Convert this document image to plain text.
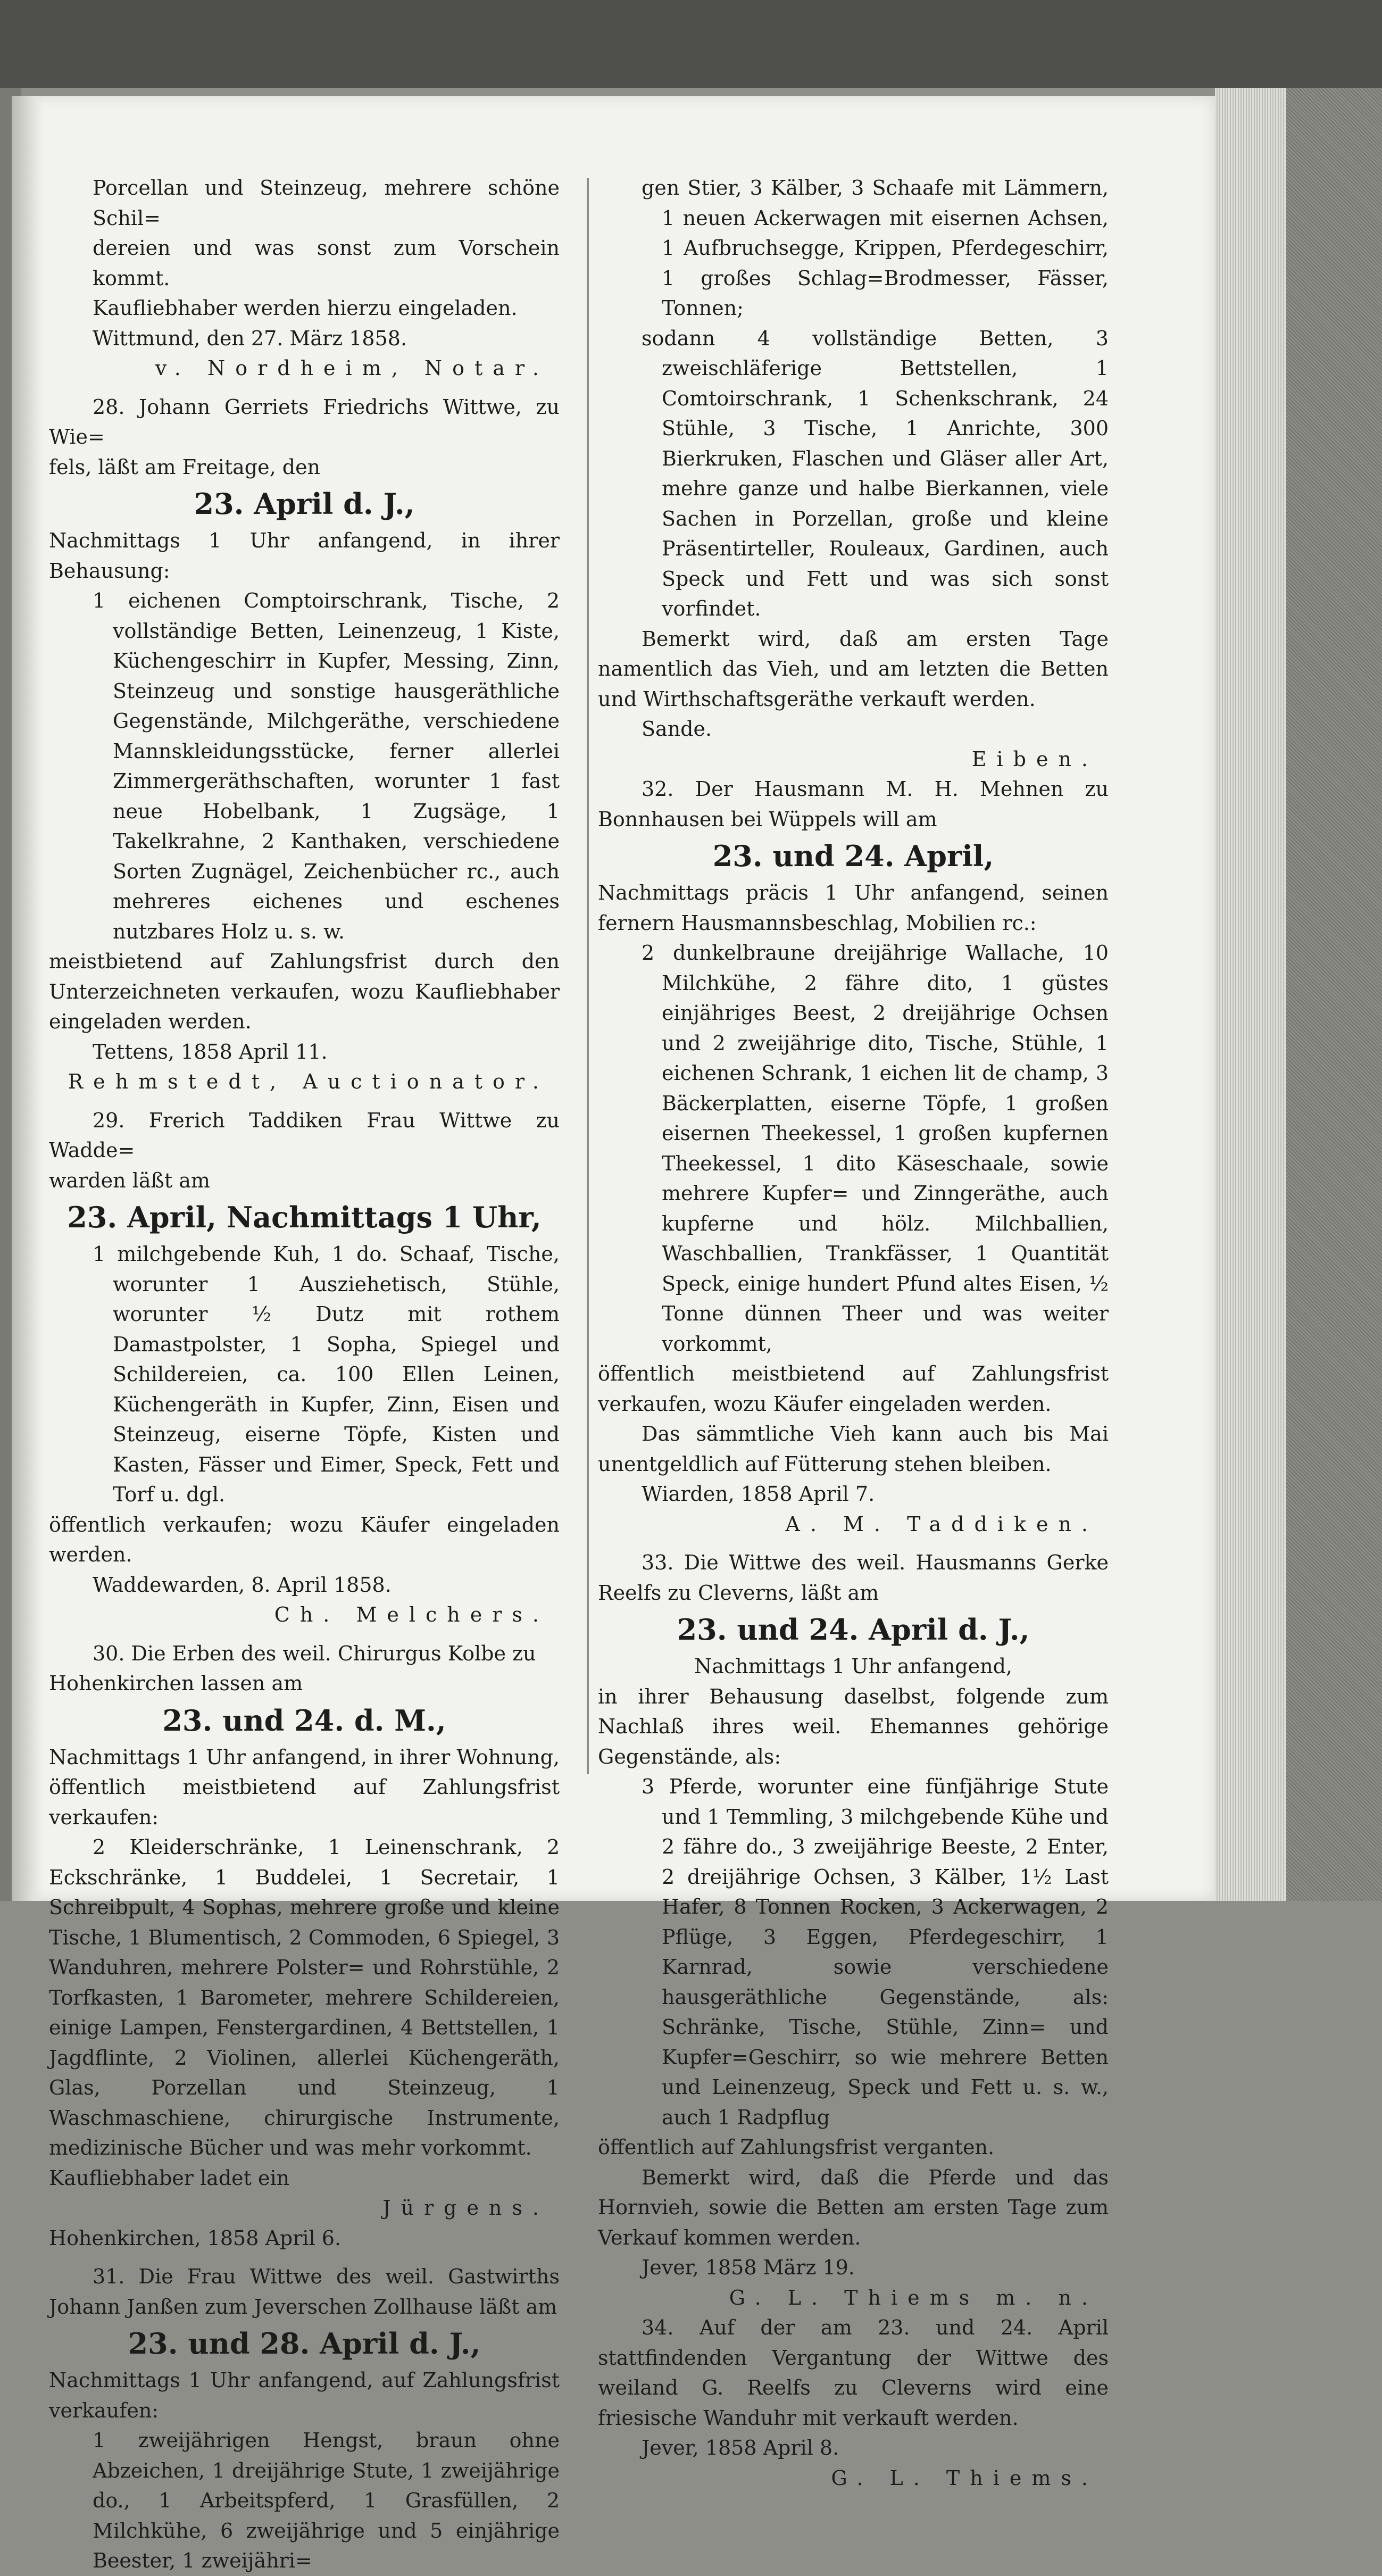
Porcellan und Steinzeug, mehrere schöne Schil=

dereien und was sonst zum Vorschein kommt.

Kaufliebhaber werden hierzu eingeladen.

Wittmund, den 27. März 1858.

v. Nordheim, Notar.

28. Johann Gerriets Friedrichs Wittwe, zu Wie=

fels, läßt am Freitage, den

23. April d. J.,

Nachmittags 1 Uhr anfangend, in ihrer Behausung:

1 eichenen Comptoirschrank, Tische, 2 vollständige Betten, Leinenzeug, 1 Kiste, Küchengeschirr in Kupfer, Messing, Zinn, Steinzeug und sonstige hausgeräthliche Gegenstände, Milchgeräthe, verschiedene Mannskleidungsstücke, ferner allerlei Zimmergeräthschaften, worunter 1 fast neue Hobelbank, 1 Zugsäge, 1 Takelkrahne, 2 Kanthaken, verschiedene Sorten Zugnägel, Zeichenbücher rc., auch mehreres eichenes und eschenes nutzbares Holz u. s. w.

meistbietend auf Zahlungsfrist durch den Unterzeichneten verkaufen, wozu Kaufliebhaber eingeladen werden.

Tettens, 1858 April 11.

Rehmstedt, Auctionator.

29. Frerich Taddiken Frau Wittwe zu Wadde=

warden läßt am

23. April, Nachmittags 1 Uhr,

1 milchgebende Kuh, 1 do. Schaaf, Tische, worunter 1 Ausziehetisch, Stühle, worunter ½ Dutz mit rothem Damastpolster, 1 Sopha, Spiegel und Schildereien, ca. 100 Ellen Leinen, Küchengeräth in Kupfer, Zinn, Eisen und Steinzeug, eiserne Töpfe, Kisten und Kasten, Fässer und Eimer, Speck, Fett und Torf u. dgl.

öffentlich verkaufen; wozu Käufer eingeladen werden.

Waddewarden, 8. April 1858.

Ch. Melchers.

30. Die Erben des weil. Chirurgus Kolbe zu

Hohenkirchen lassen am

23. und 24. d. M.,

Nachmittags 1 Uhr anfangend, in ihrer Wohnung, öffentlich meistbietend auf Zahlungsfrist verkaufen:

2 Kleiderschränke, 1 Leinenschrank, 2 Eckschränke, 1 Buddelei, 1 Secretair, 1 Schreibpult, 4 Sophas, mehrere große und kleine Tische, 1 Blumentisch, 2 Commoden, 6 Spiegel, 3 Wanduhren, mehrere Polster= und Rohrstühle, 2 Torfkasten, 1 Barometer, mehrere Schildereien, einige Lampen, Fenstergardinen, 4 Bettstellen, 1 Jagdflinte, 2 Violinen, allerlei Küchengeräth, Glas, Porzellan und Steinzeug, 1 Waschmaschiene, chirurgische Instrumente, medizinische Bücher und was mehr vorkommt.

Kaufliebhaber ladet ein

Jürgens.

Hohenkirchen, 1858 April 6.

31. Die Frau Wittwe des weil. Gastwirths Johann Janßen zum Jeverschen Zollhause läßt am

23. und 28. April d. J.,

Nachmittags 1 Uhr anfangend, auf Zahlungsfrist verkaufen:

1 zweijährigen Hengst, braun ohne Abzeichen, 1 dreijährige Stute, 1 zweijährige do., 1 Arbeitspferd, 1 Grasfüllen, 2 Milchkühe, 6 zweijährige und 5 einjährige Beester, 1 zweijähri=

gen Stier, 3 Kälber, 3 Schaafe mit Lämmern, 1 neuen Ackerwagen mit eisernen Achsen, 1 Aufbruchsegge, Krippen, Pferdegeschirr, 1 großes Schlag=Brodmesser, Fässer, Tonnen;

sodann 4 vollständige Betten, 3 zweischläferige Bettstellen, 1 Comtoirschrank, 1 Schenkschrank, 24 Stühle, 3 Tische, 1 Anrichte, 300 Bierkruken, Flaschen und Gläser aller Art, mehre ganze und halbe Bierkannen, viele Sachen in Porzellan, große und kleine Präsentirteller, Rouleaux, Gardinen, auch Speck und Fett und was sich sonst vorfindet.

Bemerkt wird, daß am ersten Tage namentlich das Vieh, und am letzten die Betten und Wirthschaftsgeräthe verkauft werden.

Sande.

Eiben.

32. Der Hausmann M. H. Mehnen zu Bonnhausen bei Wüppels will am

23. und 24. April,

Nachmittags präcis 1 Uhr anfangend, seinen fernern Hausmannsbeschlag, Mobilien rc.:

2 dunkelbraune dreijährige Wallache, 10 Milchkühe, 2 fähre dito, 1 güstes einjähriges Beest, 2 dreijährige Ochsen und 2 zweijährige dito, Tische, Stühle, 1 eichenen Schrank, 1 eichen lit de champ, 3 Bäckerplatten, eiserne Töpfe, 1 großen eisernen Theekessel, 1 großen kupfernen Theekessel, 1 dito Käseschaale, sowie mehrere Kupfer= und Zinngeräthe, auch kupferne und hölz. Milchballien, Waschballien, Trankfässer, 1 Quantität Speck, einige hundert Pfund altes Eisen, ½ Tonne dünnen Theer und was weiter vorkommt,

öffentlich meistbietend auf Zahlungsfrist verkaufen, wozu Käufer eingeladen werden.

Das sämmtliche Vieh kann auch bis Mai unentgeldlich auf Fütterung stehen bleiben.

Wiarden, 1858 April 7.

A. M. Taddiken.

33. Die Wittwe des weil. Hausmanns Gerke Reelfs zu Cleverns, läßt am

23. und 24. April d. J.,

Nachmittags 1 Uhr anfangend,

in ihrer Behausung daselbst, folgende zum Nachlaß ihres weil. Ehemannes gehörige Gegenstände, als:

3 Pferde, worunter eine fünfjährige Stute und 1 Temmling, 3 milchgebende Kühe und 2 fähre do., 3 zweijährige Beeste, 2 Enter, 2 dreijährige Ochsen, 3 Kälber, 1½ Last Hafer, 8 Tonnen Rocken, 3 Ackerwagen, 2 Pflüge, 3 Eggen, Pferdegeschirr, 1 Karnrad, sowie verschiedene hausgeräthliche Gegenstände, als: Schränke, Tische, Stühle, Zinn= und Kupfer=Geschirr, so wie mehrere Betten und Leinenzeug, Speck und Fett u. s. w., auch 1 Radpflug

öffentlich auf Zahlungsfrist verganten.

Bemerkt wird, daß die Pferde und das Hornvieh, sowie die Betten am ersten Tage zum Verkauf kommen werden.

Jever, 1858 März 19.

G. L. Thiems m. n.

34. Auf der am 23. und 24. April stattfindenden Vergantung der Wittwe des weiland G. Reelfs zu Cleverns wird eine friesische Wanduhr mit verkauft werden.

Jever, 1858 April 8.

G. L. Thiems.
